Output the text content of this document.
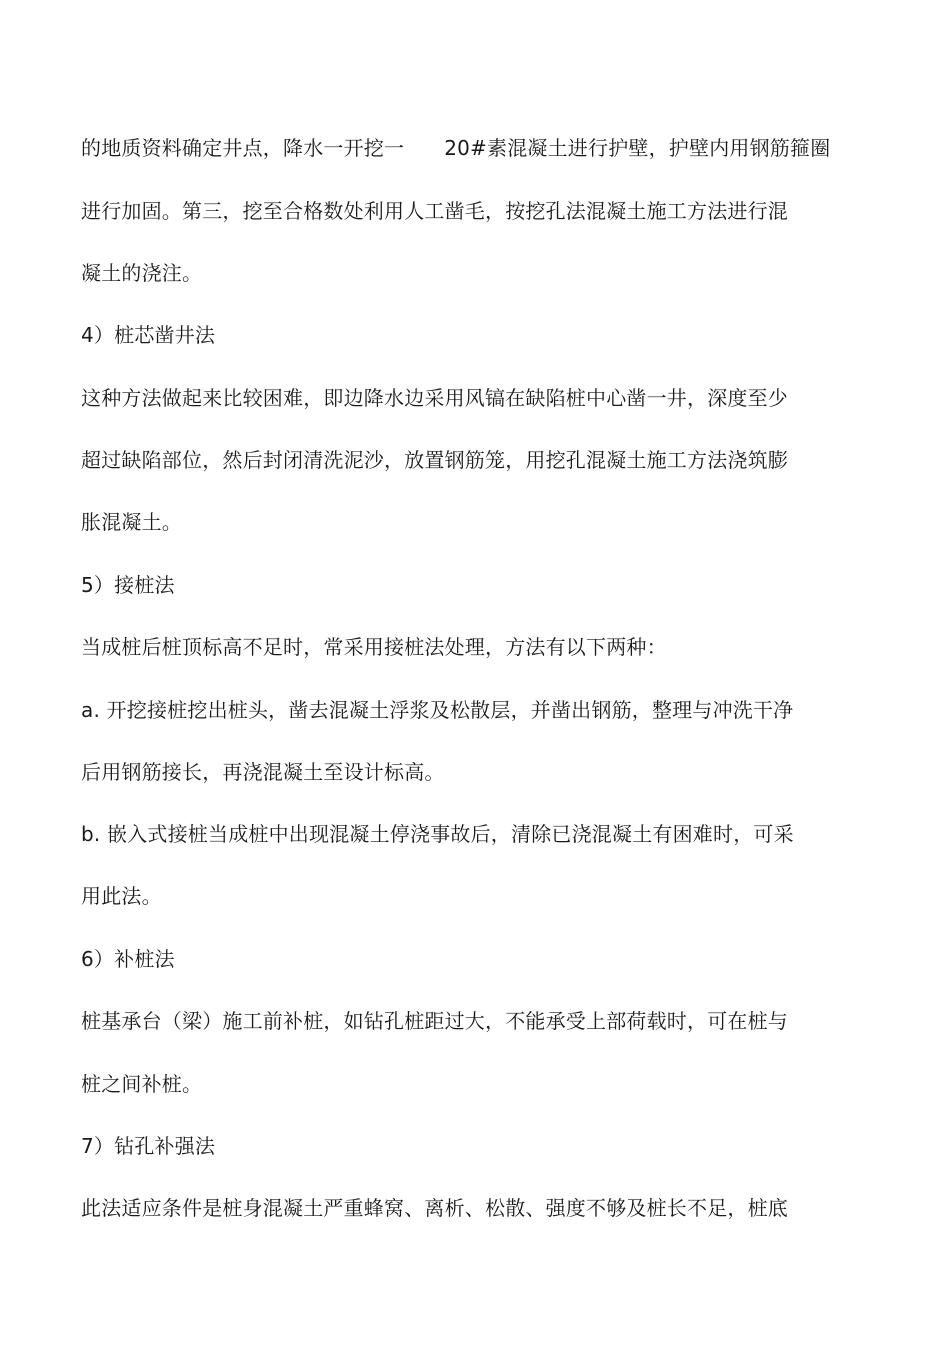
的地质资料确定井点，降水一开挖一 20#素混凝土进行护壁，护壁内用钢筋箍圈
进行加固。第三，挖至合格数处利用人工凿毛，按挖孔法混凝土施工方法进行混
凝土的浇注。
4）桩芯凿井法
这种方法做起来比较困难，即边降水边采用风镐在缺陷桩中心凿一井，深度至少
超过缺陷部位，然后封闭清洗泥沙，放置钢筋笼，用挖孔混凝土施工方法浇筑膨
胀混凝土。
5）接桩法
当成桩后桩顶标高不足时，常采用接桩法处理，方法有以下两种：
a. 开挖接桩挖出桩头，凿去混凝土浮浆及松散层，并凿出钢筋，整理与冲洗干净
后用钢筋接长，再浇混凝土至设计标高。
b. 嵌入式接桩当成桩中出现混凝土停浇事故后，清除已浇混凝土有困难时，可采
用此法。
6）补桩法
桩基承台（梁）施工前补桩，如钻孔桩距过大，不能承受上部荷载时，可在桩与
桩之间补桩。
7）钻孔补强法
此法适应条件是桩身混凝土严重蜂窝、离析、松散、强度不够及桩长不足，桩底
